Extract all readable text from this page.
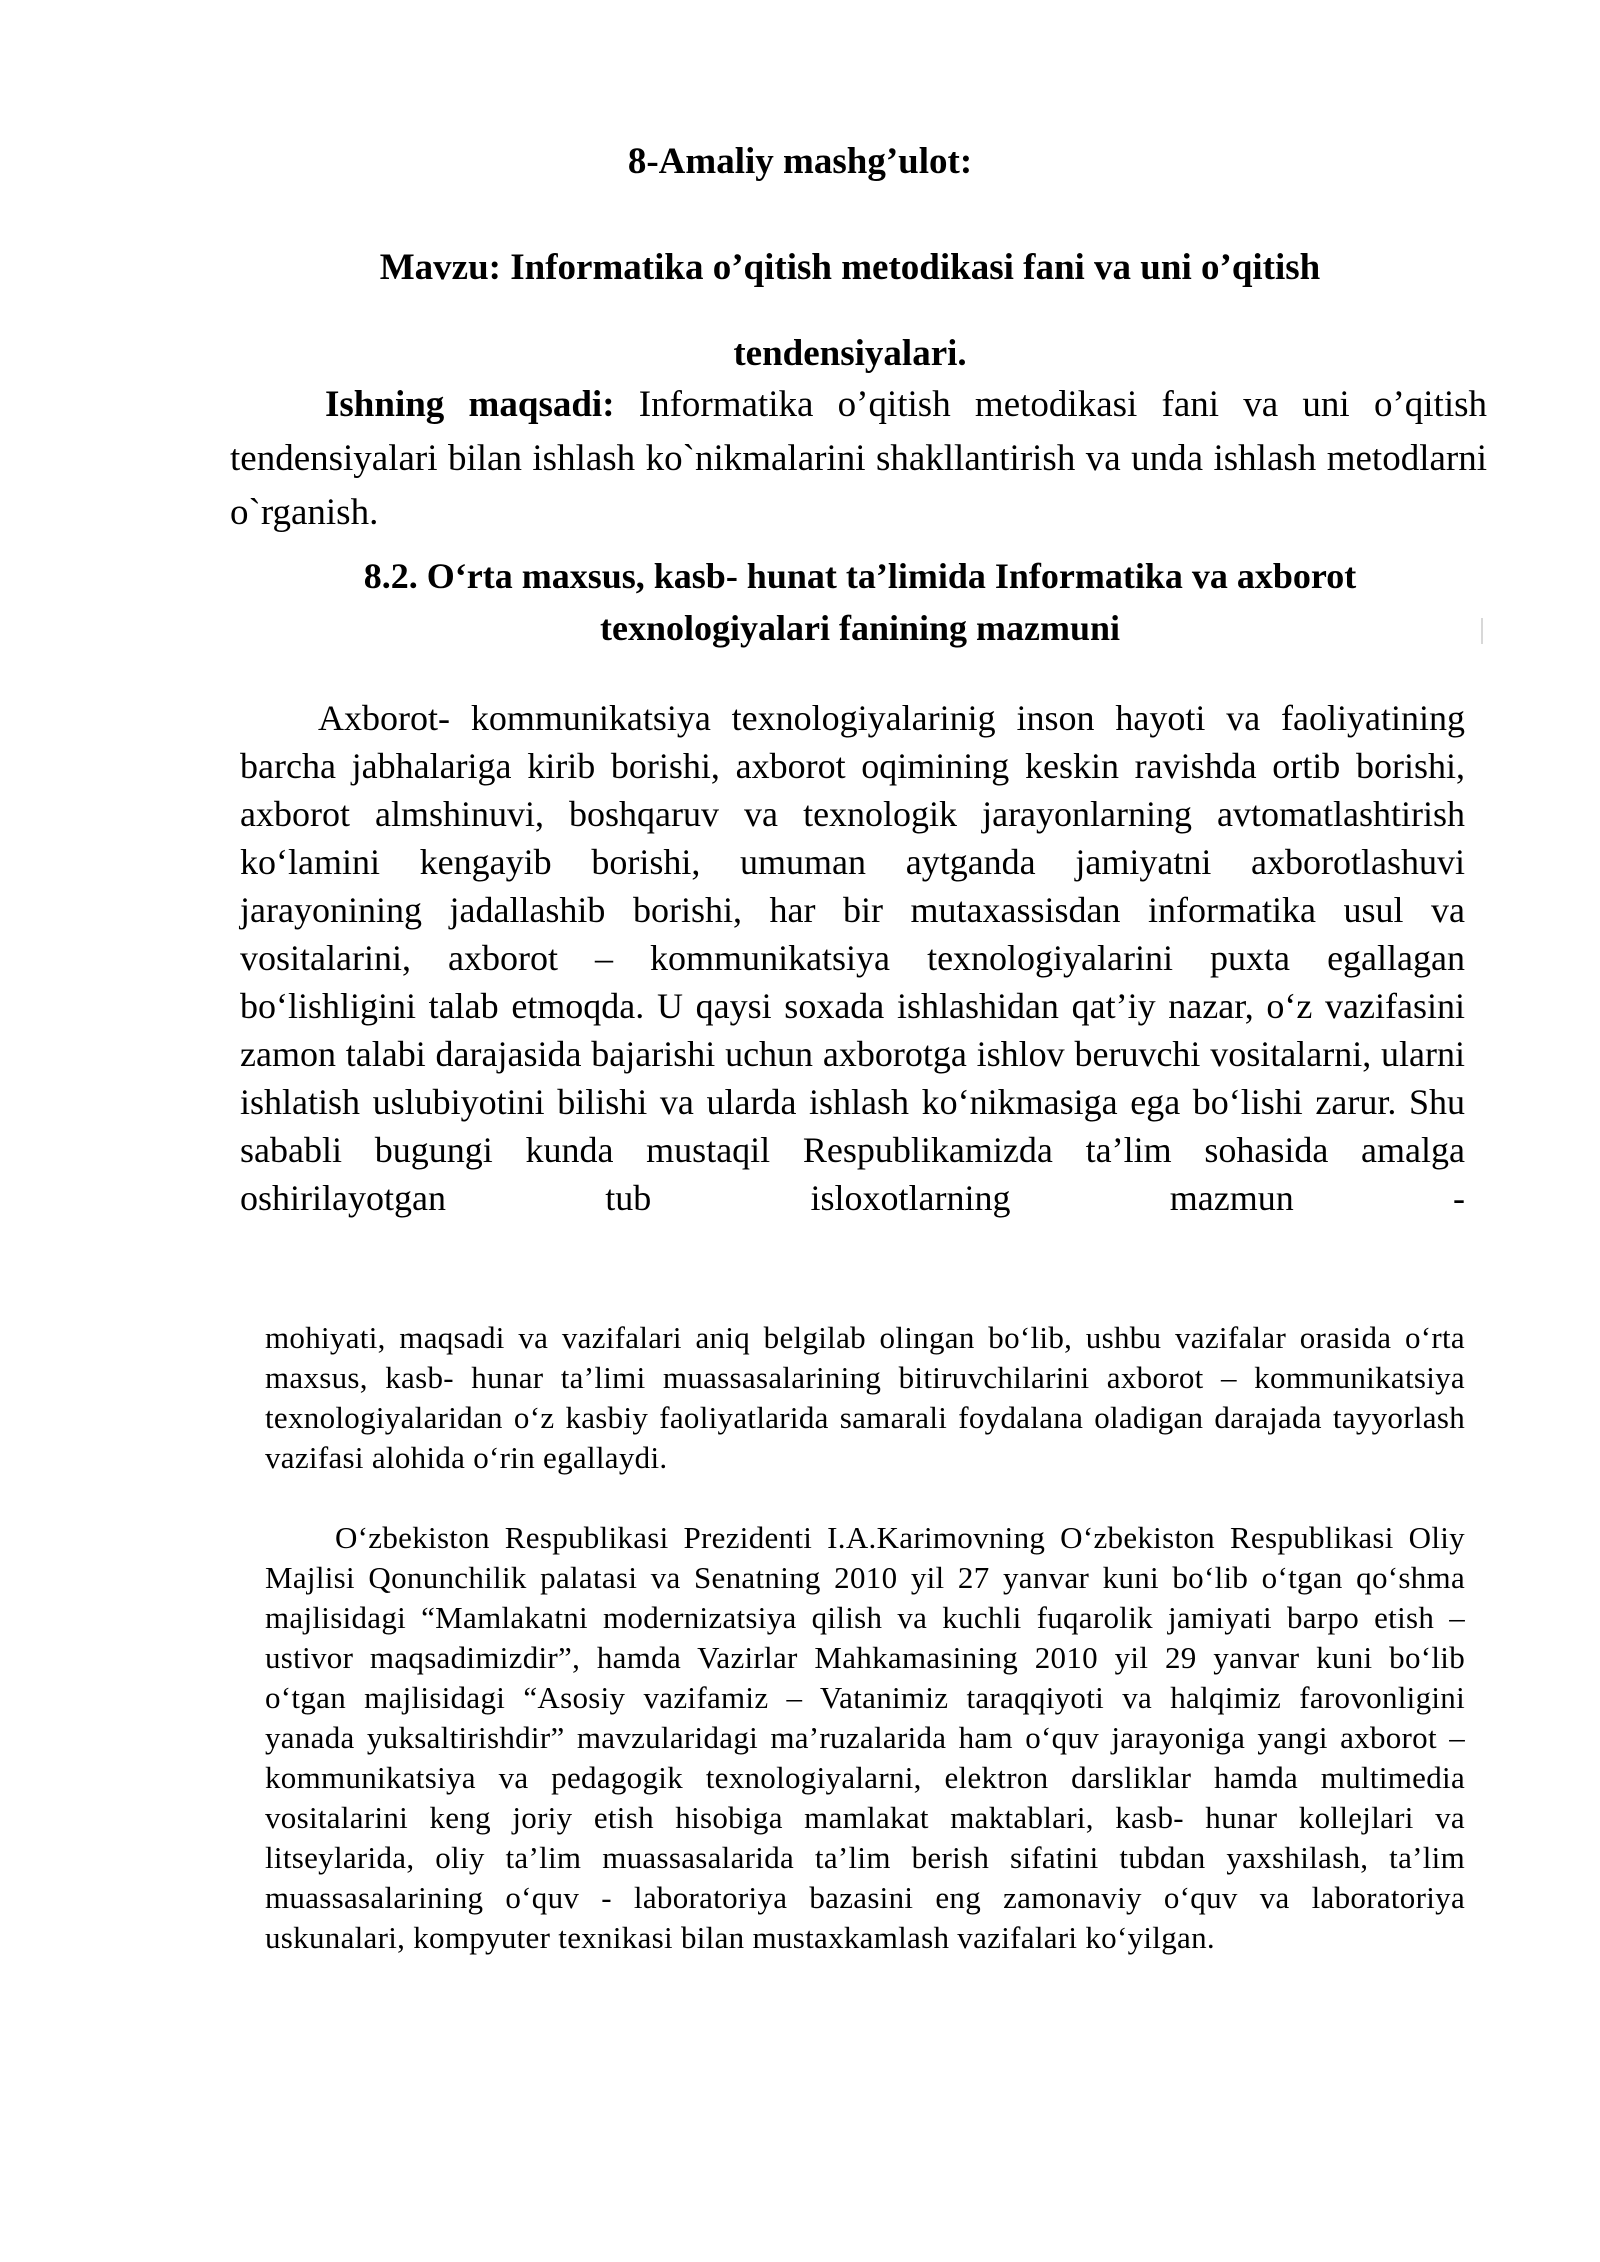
8-Amaliy mashg’ulot:
Mavzu: Informatika o’qitish metodikasi fani va uni o’qitish tendensiyalari.

Ishning maqsadi: Informatika o’qitish metodikasi fani va uni o’qitish tendensiyalari bilan ishlash ko`nikmalarini shakllantirish va unda ishlash metodlarni o`rganish.

8.2. O‘rta maxsus, kasb- hunat ta’limida Informatika va axborot texnologiyalari fanining mazmuni

Axborot- kommunikatsiya texnologiyalarinig inson hayoti va faoliyatining barcha jabhalariga kirib borishi, axborot oqimining keskin ravishda ortib borishi, axborot almshinuvi, boshqaruv va texnologik jarayonlarning avtomatlashtirish ko‘lamini kengayib borishi, umuman aytganda jamiyatni axborotlashuvi jarayonining jadallashib borishi, har bir mutaxassisdan informatika usul va vositalarini, axborot – kommunikatsiya texnologiyalarini puxta egallagan bo‘lishligini talab etmoqda. U qaysi soxada ishlashidan qat’iy nazar, o‘z vazifasini zamon talabi darajasida bajarishi uchun axborotga ishlov beruvchi vositalarni, ularni ishlatish uslubiyotini bilishi va ularda ishlash ko‘nikmasiga ega bo‘lishi zarur. Shu sababli bugungi kunda mustaqil Respublikamizda ta’lim sohasida amalga oshirilayotgan tub isloxotlarning mazmun -

mohiyati, maqsadi va vazifalari aniq belgilab olingan bo‘lib, ushbu vazifalar orasida o‘rta maxsus, kasb- hunar ta’limi muassasalarining bitiruvchilarini axborot – kommunikatsiya texnologiyalaridan o‘z kasbiy faoliyatlarida samarali foydalana oladigan darajada tayyorlash vazifasi alohida o‘rin egallaydi.

O‘zbekiston Respublikasi Prezidenti I.A.Karimovning O‘zbekiston Respublikasi Oliy Majlisi Qonunchilik palatasi va Senatning 2010 yil 27 yanvar kuni bo‘lib o‘tgan qo‘shma majlisidagi “Mamlakatni modernizatsiya qilish va kuchli fuqarolik jamiyati barpo etish – ustivor maqsadimizdir”, hamda Vazirlar Mahkamasining 2010 yil 29 yanvar kuni bo‘lib o‘tgan majlisidagi “Asosiy vazifamiz – Vatanimiz taraqqiyoti va halqimiz farovonligini yanada yuksaltirishdir” mavzularidagi ma’ruzalarida ham o‘quv jarayoniga yangi axborot – kommunikatsiya va pedagogik texnologiyalarni, elektron darsliklar hamda multimedia vositalarini keng joriy etish hisobiga mamlakat maktablari, kasb- hunar kollejlari va litseylarida, oliy ta’lim muassasalarida ta’lim berish sifatini tubdan yaxshilash, ta’lim muassasalarining o‘quv - laboratoriya bazasini eng zamonaviy o‘quv va laboratoriya uskunalari, kompyuter texnikasi bilan mustaxkamlash vazifalari ko‘yilgan.
